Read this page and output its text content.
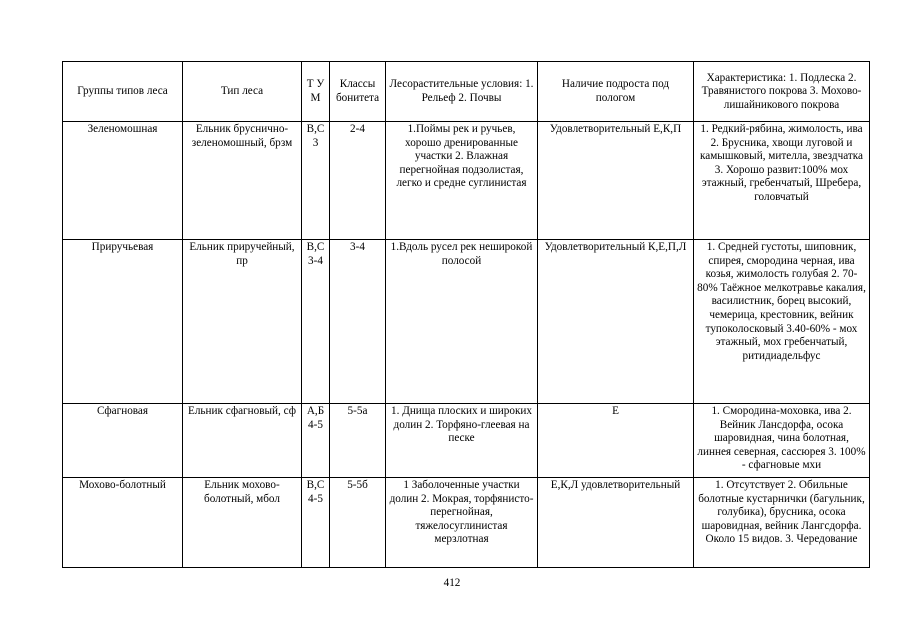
Группы типов леса	Тип леса	Т У М	Классы бонитета	Лесорастительные условия: 1. Рельеф 2. Почвы	Наличие подроста под пологом	Характеристика: 1. Подлеска 2. Травянистого покрова 3. Мохово-лишайникового покрова
Зеленомошная	Ельник бруснично-зеленомошный, брзм	В,С 3	2-4	1.Поймы рек и ручьев, хорошо дренированные участки 2. Влажная перегнойная подзолистая, легко и средне суглинистая	Удовлетворительный Е,К,П	1. Редкий-рябина, жимолость, ива 2. Брусника, хвощи луговой и камышковый, мителла, звездчатка 3. Хорошо развит:100% мох этажный, гребенчатый, Шребера, головчатый
Приручьевая	Ельник приручейный, пр	В,С 3-4	3-4	1.Вдоль русел рек неширокой полосой	Удовлетворительный К,Е,П,Л	1. Средней густоты, шиповник, спирея, смородина черная, ива козья, жимолость голубая 2. 70-80% Таёжное мелкотравье какалия, василистник, борец высокий, чемерица, крестовник, вейник тупоколосковый 3.40-60% - мох этажный, мох гребенчатый, ритидиадельфус
Сфагновая	Ельник сфагновый, сф	А,Б 4-5	5-5а	1. Днища плоских и широких долин 2. Торфяно-глеевая на песке	Е	1. Смородина-моховка, ива 2. Вейник Лансдорфа, осока шаровидная, чина болотная, линнея северная, сассюрея 3. 100% - сфагновые мхи
Мохово-болотный	Ельник мохово-болотный, мбол	В,С 4-5	5-5б	1 Заболоченные участки долин 2. Мокрая, торфянисто-перегнойная, тяжелосуглинистая мерзлотная	Е,К,Л удовлетворительный	1. Отсутствует 2. Обильные болотные кустарнички (багульник, голубика), брусника, осока шаровидная, вейник Лангсдорфа. Около 15 видов. 3. Чередование
412
